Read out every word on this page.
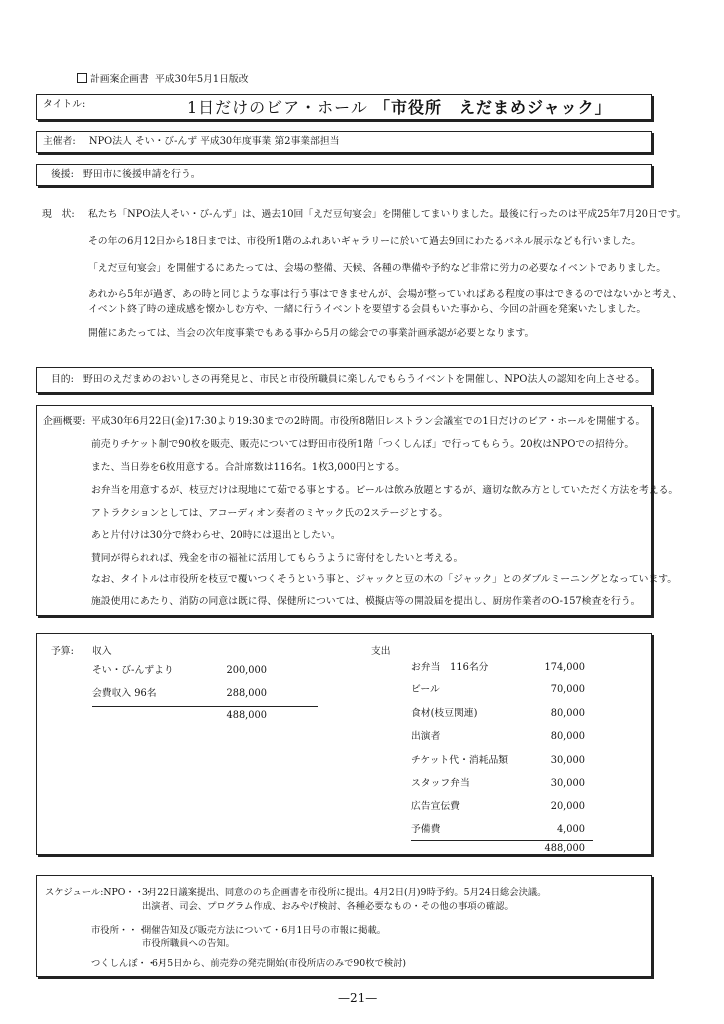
計画案企画書 平成30年5月1日版改
タイトル:	1日だけのビア・ホール 「市役所　えだまめジャック」
主催者: NPO法人 そい・び-んず 平成30年度事業 第2事業部担当
後援: 野田市に後援申請を行う。
現　状: 私たち「NPO法人そい・び-んず」は、過去10回「えだ豆旬宴会」を開催してまいりました。最後に行ったのは平成25年7月20日です。
その年の6月12日から18日までは、市役所1階のふれあいギャラリーに於いて過去9回にわたるパネル展示なども行いました。
「えだ豆旬宴会」を開催するにあたっては、会場の整備、天候、各種の準備や予約など非常に労力の必要なイベントでありました。
あれから5年が過ぎ、あの時と同じような事は行う事はできませんが、会場が整っていればある程度の事はできるのではないかと考え、
イベント終了時の達成感を懐かしむ方や、一緒に行うイベントを要望する会員もいた事から、今回の計画を発案いたしました。
開催にあたっては、当会の次年度事業でもある事から5月の総会での事業計画承認が必要となります。
目的: 野田のえだまめのおいしさの再発見と、市民と市役所職員に楽しんでもらうイベントを開催し、NPO法人の認知を向上させる。
企画概要: 平成30年6月22日(金)17:30より19:30までの2時間。市役所8階旧レストラン会議室での1日だけのビア・ホールを開催する。
前売りチケット制で90枚を販売、販売については野田市役所1階「つくしんぼ」で行ってもらう。20枚はNPOでの招待分。
また、当日券を6枚用意する。合計席数は116名。1枚3,000円とする。
お弁当を用意するが、枝豆だけは現地にて茹でる事とする。ビールは飲み放題とするが、適切な飲み方としていただく方法を考える。
アトラクションとしては、アコーディオン奏者のミヤック氏の2ステージとする。
あと片付けは30分で終わらせ、20時には退出としたい。
賛同が得られれば、残金を市の福祉に活用してもらうように寄付をしたいと考える。
なお、タイトルは市役所を枝豆で覆いつくそうという事と、ジャックと豆の木の「ジャック」とのダブルミーニングとなっています。
施設使用にあたり、消防の同意は既に得、保健所については、模擬店等の開設届を提出し、厨房作業者のO-157検査を行う。
予算: 収入
そい・び-んずより	200,000
会費収入 96名	288,000
488,000
支出
お弁当　116名分	174,000
ビール	70,000
食材(枝豆関連)	80,000
出演者	80,000
チケット代・消耗品類	30,000
スタッフ弁当	30,000
広告宣伝費	20,000
予備費	4,000
488,000
スケジュール:NPO・・・
3月22日議案提出、同意ののち企画書を市役所に提出。4月2日(月)9時予約。5月24日総会決議。
出演者、司会、プログラム作成、おみやげ検討、各種必要なもの・その他の事項の確認。
市役所・・・
開催告知及び販売方法について・6月1日号の市報に掲載。
市役所職員への告知。
つくしんぼ・・・
6月5日から、前売券の発売開始(市役所店のみで90枚で検討)
—21—
